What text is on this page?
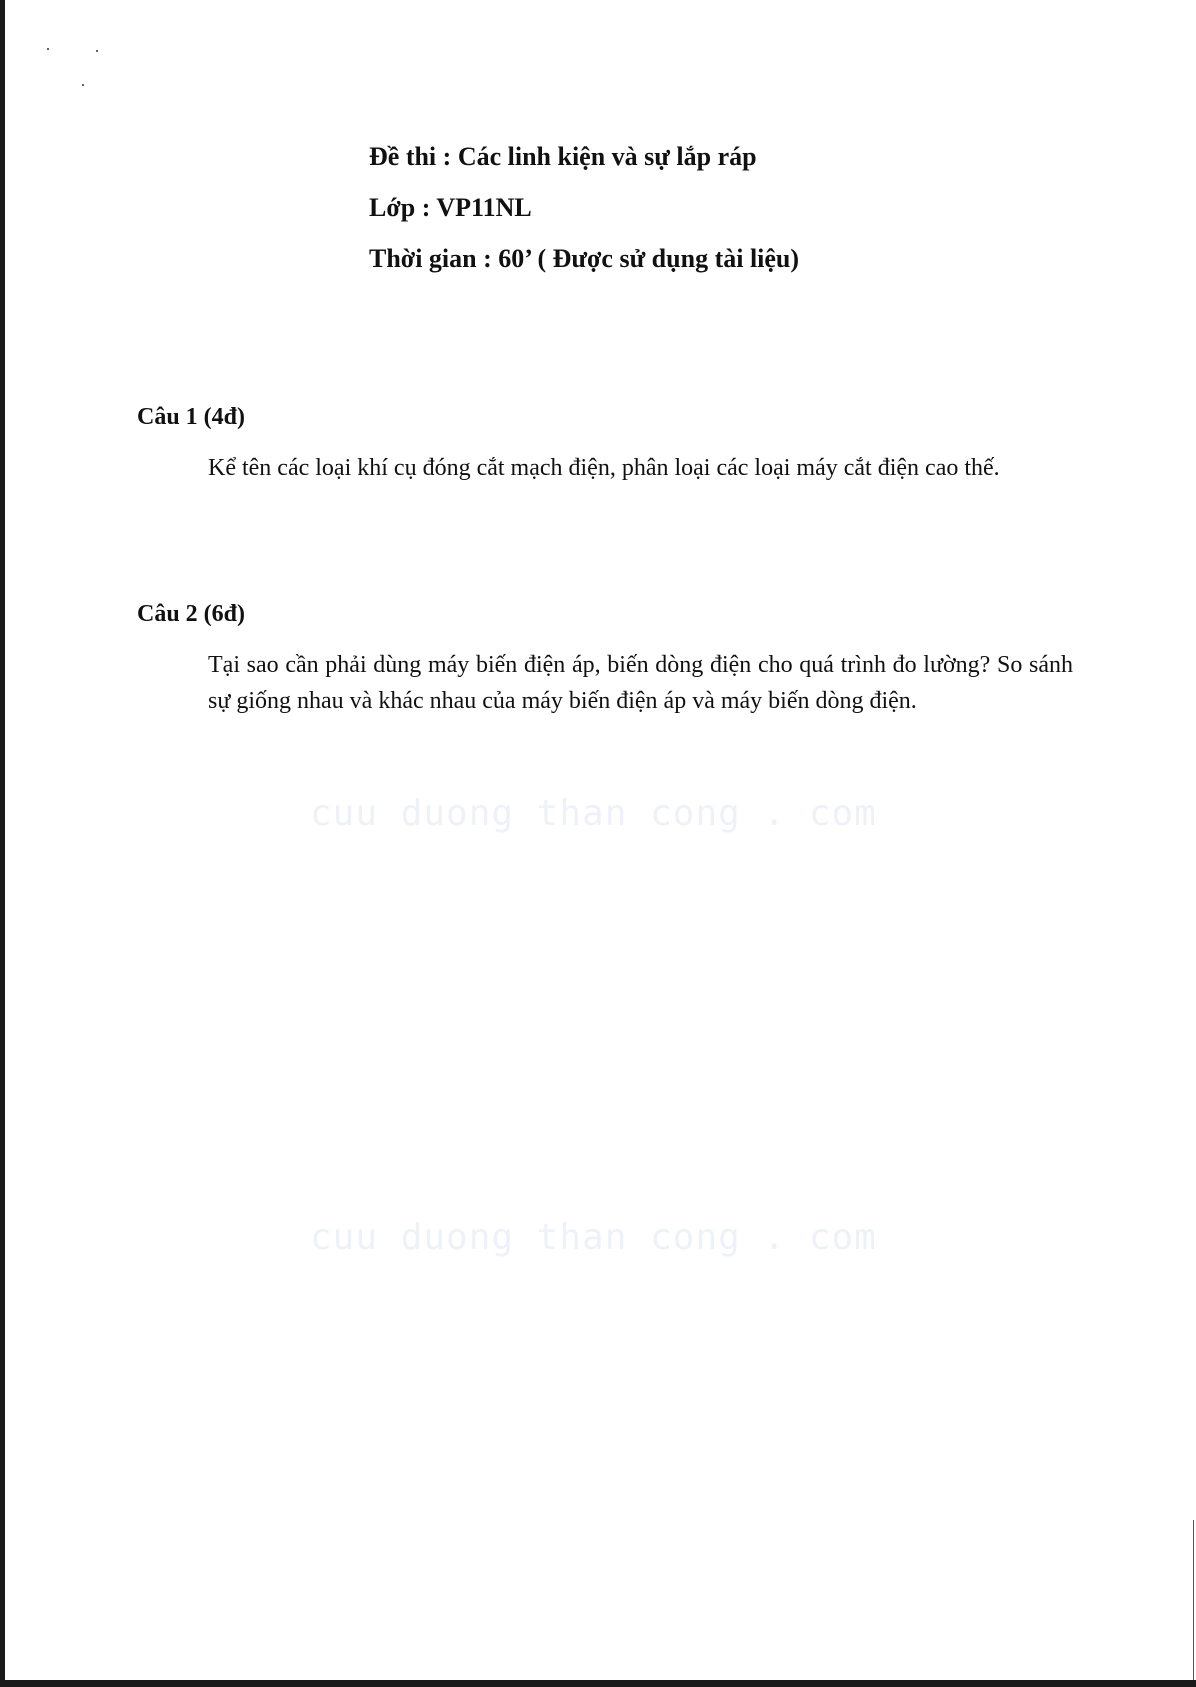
Đề thi : Các linh kiện và sự lắp ráp
Lớp : VP11NL
Thời gian : 60’ ( Được sử dụng tài liệu)
Câu 1 (4đ)
Kể tên các loại khí cụ đóng cắt mạch điện, phân loại các loại máy cắt điện cao thế.
Câu 2 (6đ)
Tại sao cần phải dùng máy biến điện áp, biến dòng điện cho quá trình đo lường? So sánh sự giống nhau và khác nhau của máy biến điện áp và máy biến dòng điện.
cuu duong than cong . com
cuu duong than cong . com
